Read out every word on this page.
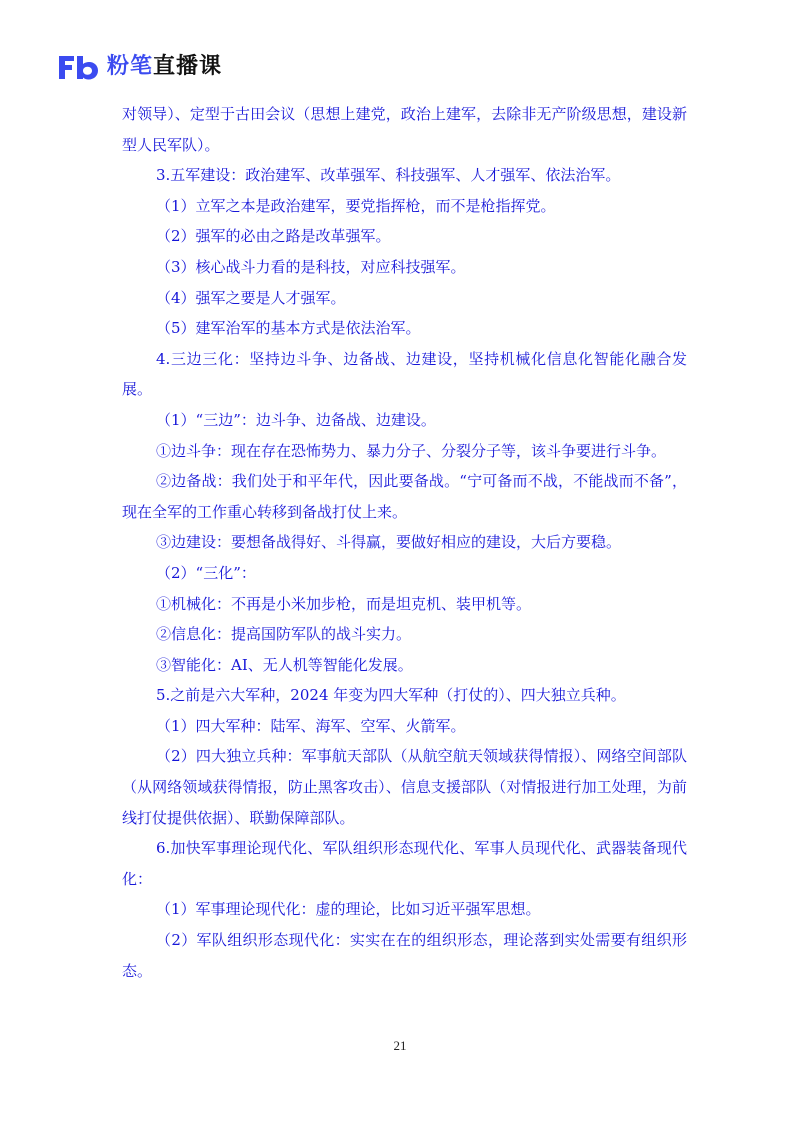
粉笔直播课

对领导）、定型于古田会议（思想上建党，政治上建军，去除非无产阶级思想，建设新型人民军队）。

3.五军建设：政治建军、改革强军、科技强军、人才强军、依法治军。

（1）立军之本是政治建军，要党指挥枪，而不是枪指挥党。

（2）强军的必由之路是改革强军。

（3）核心战斗力看的是科技，对应科技强军。

（4）强军之要是人才强军。

（5）建军治军的基本方式是依法治军。

4.三边三化：坚持边斗争、边备战、边建设，坚持机械化信息化智能化融合发展。

（1）“三边”：边斗争、边备战、边建设。

①边斗争：现在存在恐怖势力、暴力分子、分裂分子等，该斗争要进行斗争。

②边备战：我们处于和平年代，因此要备战。“宁可备而不战，不能战而不备”，现在全军的工作重心转移到备战打仗上来。

③边建设：要想备战得好、斗得赢，要做好相应的建设，大后方要稳。

（2）“三化”：

①机械化：不再是小米加步枪，而是坦克机、装甲机等。

②信息化：提高国防军队的战斗实力。

③智能化：AI、无人机等智能化发展。

5.之前是六大军种，2024 年变为四大军种（打仗的）、四大独立兵种。

（1）四大军种：陆军、海军、空军、火箭军。

（2）四大独立兵种：军事航天部队（从航空航天领域获得情报）、网络空间部队（从网络领域获得情报，防止黑客攻击）、信息支援部队（对情报进行加工处理，为前线打仗提供依据）、联勤保障部队。

6.加快军事理论现代化、军队组织形态现代化、军事人员现代化、武器装备现代化：

（1）军事理论现代化：虚的理论，比如习近平强军思想。

（2）军队组织形态现代化：实实在在的组织形态，理论落到实处需要有组织形态。

21
